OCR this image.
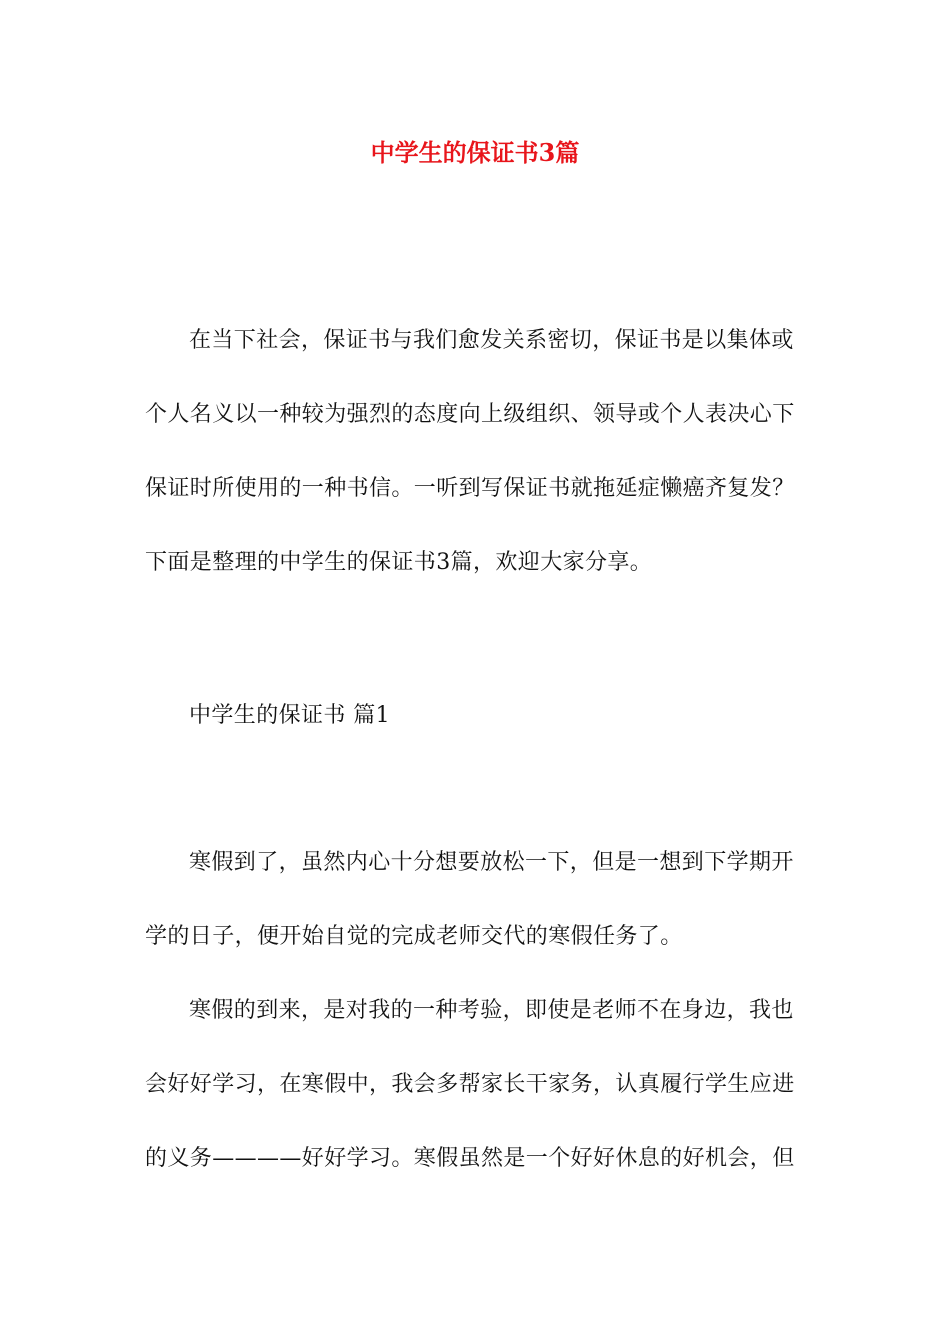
中学生的保证书3篇

在当下社会，保证书与我们愈发关系密切，保证书是以集体或个人名义以一种较为强烈的态度向上级组织、领导或个人表决心下保证时所使用的一种书信。一听到写保证书就拖延症懒癌齐复发？下面是整理的中学生的保证书3篇，欢迎大家分享。

中学生的保证书 篇1

寒假到了，虽然内心十分想要放松一下，但是一想到下学期开学的日子，便开始自觉的完成老师交代的寒假任务了。

寒假的到来，是对我的一种考验，即使是老师不在身边，我也会好好学习，在寒假中，我会多帮家长干家务，认真履行学生应进的义务————好好学习。寒假虽然是一个好好休息的好机会，但
